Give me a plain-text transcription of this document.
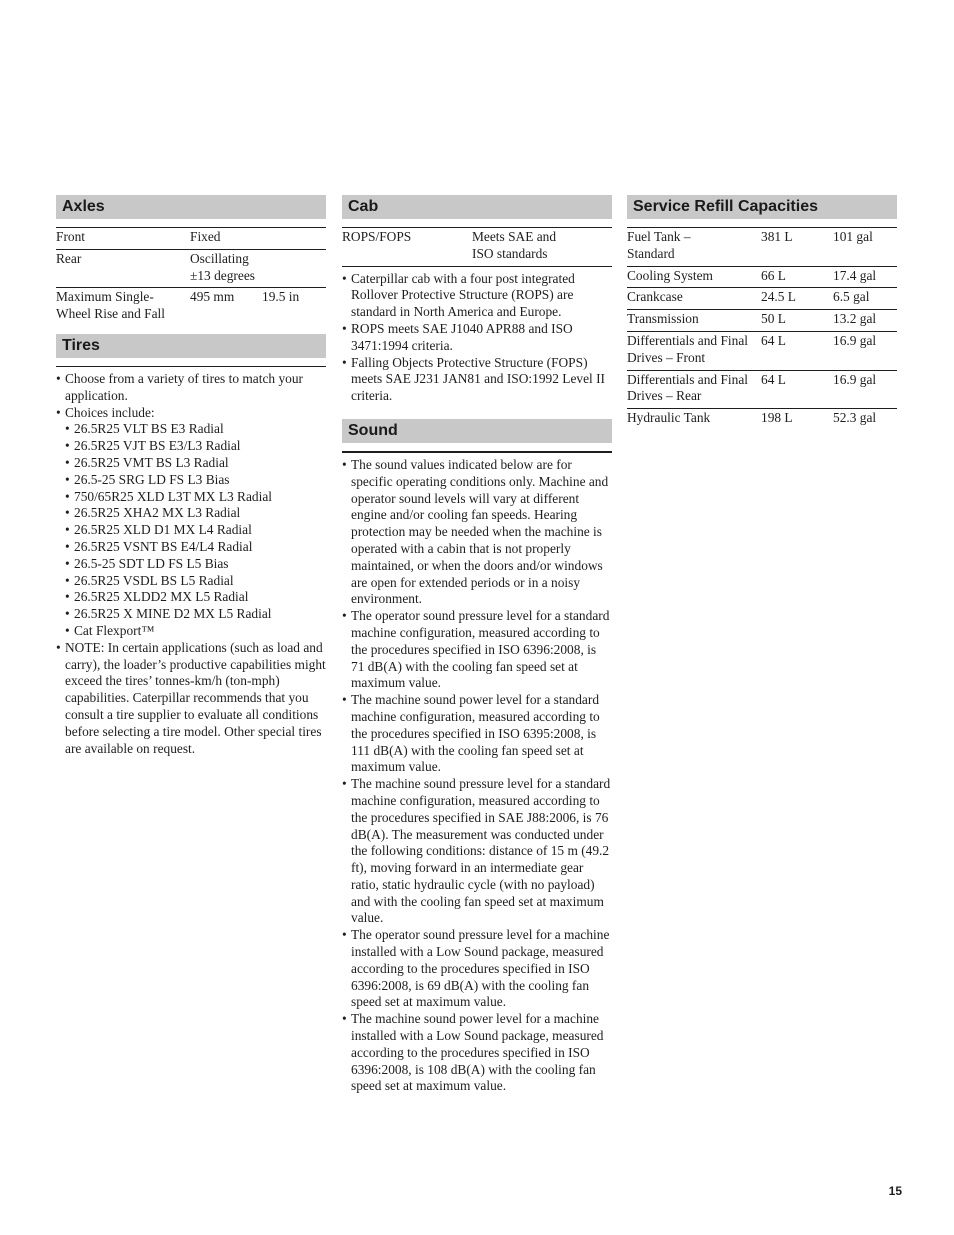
Axles
Front	Fixed	
Rear	Oscillating ±13 degrees	
Maximum Single-Wheel Rise and Fall	495 mm	19.5 in
Tires
• Choose from a variety of tires to match your application.
• Choices include:
• 26.5R25 VLT BS E3 Radial
• 26.5R25 VJT BS E3/L3 Radial
• 26.5R25 VMT BS L3 Radial
• 26.5-25 SRG LD FS L3 Bias
• 750/65R25 XLD L3T MX L3 Radial
• 26.5R25 XHA2 MX L3 Radial
• 26.5R25 XLD D1 MX L4 Radial
• 26.5R25 VSNT BS E4/L4 Radial
• 26.5-25 SDT LD FS L5 Bias
• 26.5R25 VSDL BS L5 Radial
• 26.5R25 XLDD2 MX L5 Radial
• 26.5R25 X MINE D2 MX L5 Radial
• Cat Flexport™
• NOTE: In certain applications (such as load and carry), the loader’s productive capabilities might exceed the tires’ tonnes-km/h (ton-mph) capabilities. Caterpillar recommends that you consult a tire supplier to evaluate all conditions before selecting a tire model. Other special tires are available on request.
Cab
ROPS/FOPS	Meets SAE and ISO standards
• Caterpillar cab with a four post integrated Rollover Protective Structure (ROPS) are standard in North America and Europe.
• ROPS meets SAE J1040 APR88 and ISO 3471:1994 criteria.
• Falling Objects Protective Structure (FOPS) meets SAE J231 JAN81 and ISO:1992 Level II criteria.
Sound
• The sound values indicated below are for specific operating conditions only. Machine and operator sound levels will vary at different engine and/or cooling fan speeds. Hearing protection may be needed when the machine is operated with a cabin that is not properly maintained, or when the doors and/or windows are open for extended periods or in a noisy environment.
• The operator sound pressure level for a standard machine configuration, measured according to the procedures specified in ISO 6396:2008, is 71 dB(A) with the cooling fan speed set at maximum value.
• The machine sound power level for a standard machine configuration, measured according to the procedures specified in ISO 6395:2008, is 111 dB(A) with the cooling fan speed set at maximum value.
• The machine sound pressure level for a standard machine configuration, measured according to the procedures specified in SAE J88:2006, is 76 dB(A). The measurement was conducted under the following conditions: distance of 15 m (49.2 ft), moving forward in an intermediate gear ratio, static hydraulic cycle (with no payload) and with the cooling fan speed set at maximum value.
• The operator sound pressure level for a machine installed with a Low Sound package, measured according to the procedures specified in ISO 6396:2008, is 69 dB(A) with the cooling fan speed set at maximum value.
• The machine sound power level for a machine installed with a Low Sound package, measured according to the procedures specified in ISO 6396:2008, is 108 dB(A) with the cooling fan speed set at maximum value.
Service Refill Capacities
Fuel Tank – Standard	381 L	101 gal
Cooling System	66 L	17.4 gal
Crankcase	24.5 L	6.5 gal
Transmission	50 L	13.2 gal
Differentials and Final Drives – Front	64 L	16.9 gal
Differentials and Final Drives – Rear	64 L	16.9 gal
Hydraulic Tank	198 L	52.3 gal
15
